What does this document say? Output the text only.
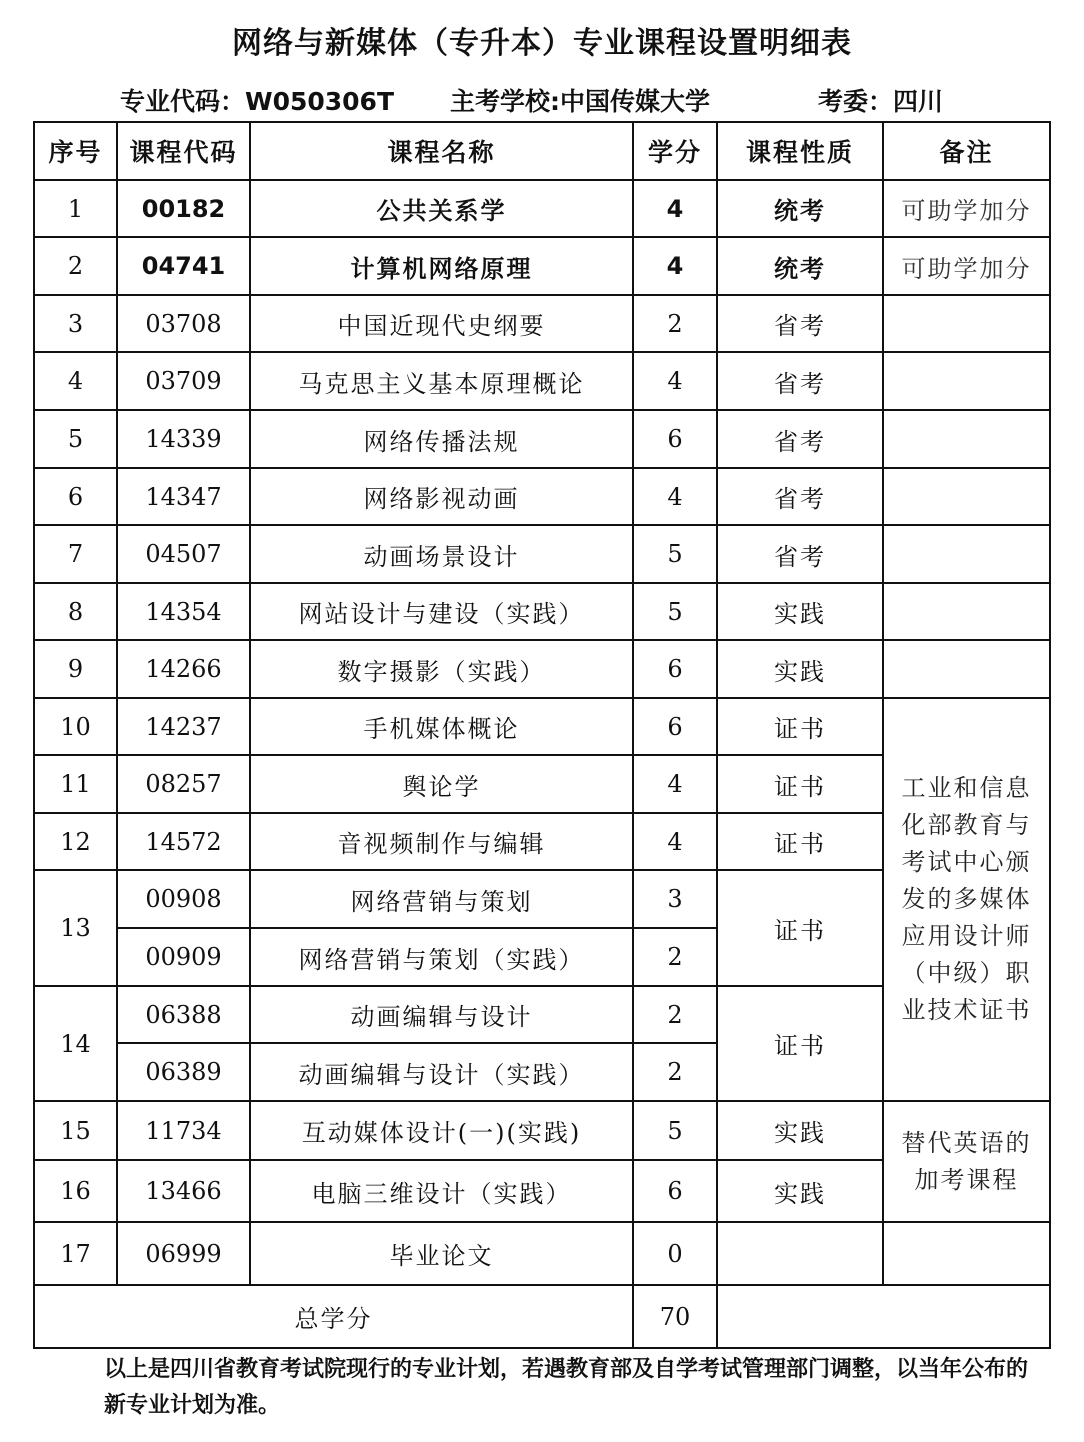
网络与新媒体（专升本）专业课程设置明细表
专业代码：W050306T 主考学校:中国传媒大学	考委：四川
序号	课程代码	课程名称	学分	课程性质	备注
1	00182	公共关系学	4	统考	可助学加分
2	04741	计算机网络原理	4	统考	可助学加分
3	03708	中国近现代史纲要	2	省考	
4	03709	马克思主义基本原理概论	4	省考	
5	14339	网络传播法规	6	省考	
6	14347	网络影视动画	4	省考	
7	04507	动画场景设计	5	省考	
8	14354	网站设计与建设（实践）	5	实践	
9	14266	数字摄影（实践）	6	实践	
10	14237	手机媒体概论	6	证书	工业和信息化部教育与考试中心颁发的多媒体应用设计师（中级）职业技术证书

11	08257	舆论学	4	证书	
12	14572	音视频制作与编辑	4	证书	
13	00908	网络营销与策划	3	证书	
	00909	网络营销与策划（实践）	2		
14	06388	动画编辑与设计	2	证书	
	06389	动画编辑与设计（实践）	2		
15	11734	互动媒体设计(一)(实践)	5	实践	替代英语的加考课程

16	13466	电脑三维设计（实践）	6	实践	
17	06999	毕业论文	0		
总学分			70		
以上是四川省教育考试院现行的专业计划，若遇教育部及自学考试管理部门调整，以当年公布的新专业计划为准。
